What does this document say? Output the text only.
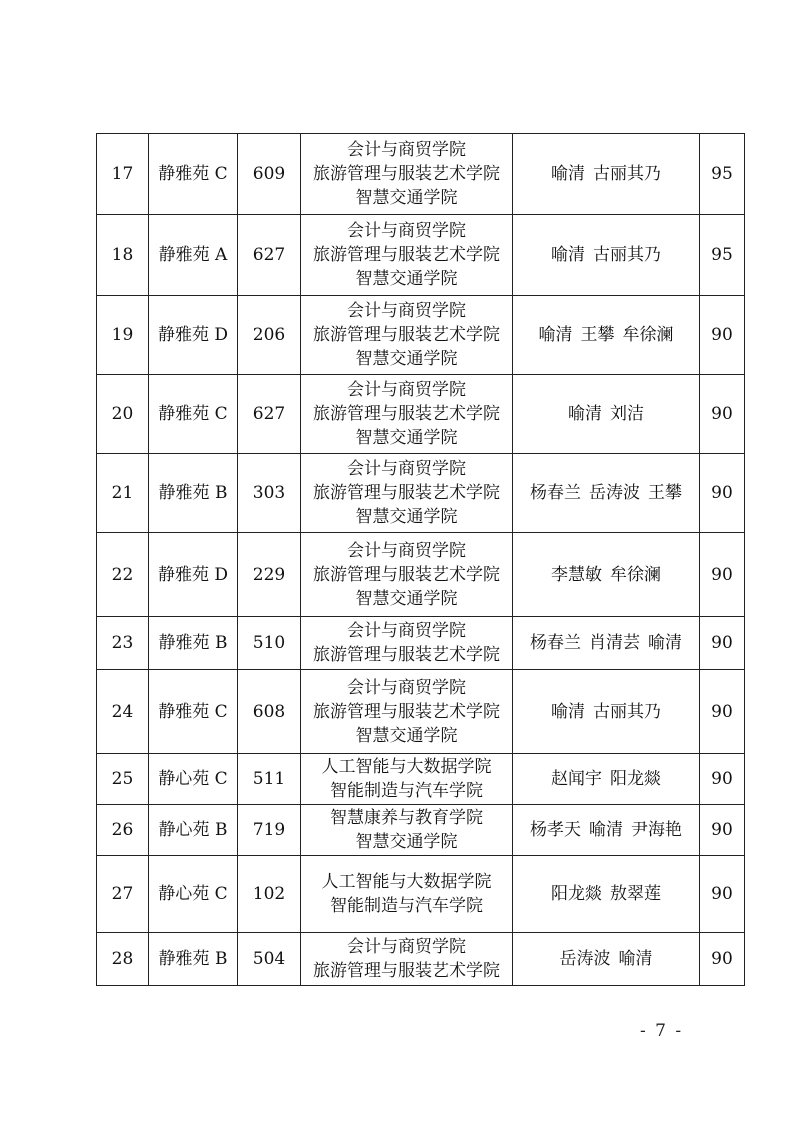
17	静雅苑 C	609	会计与商贸学院
旅游管理与服装艺术学院
智慧交通学院	喻清 古丽其乃	95
18	静雅苑 A	627	会计与商贸学院
旅游管理与服装艺术学院
智慧交通学院	喻清 古丽其乃	95
19	静雅苑 D	206	会计与商贸学院
旅游管理与服装艺术学院
智慧交通学院	喻清 王攀 牟徐澜	90
20	静雅苑 C	627	会计与商贸学院
旅游管理与服装艺术学院
智慧交通学院	喻清 刘洁	90
21	静雅苑 B	303	会计与商贸学院
旅游管理与服装艺术学院
智慧交通学院	杨春兰 岳涛波 王攀	90
22	静雅苑 D	229	会计与商贸学院
旅游管理与服装艺术学院
智慧交通学院	李慧敏 牟徐澜	90
23	静雅苑 B	510	会计与商贸学院
旅游管理与服装艺术学院	杨春兰 肖清芸 喻清	90
24	静雅苑 C	608	会计与商贸学院
旅游管理与服装艺术学院
智慧交通学院	喻清 古丽其乃	90
25	静心苑 C	511	人工智能与大数据学院
智能制造与汽车学院	赵闻宇 阳龙燚	90
26	静心苑 B	719	智慧康养与教育学院
智慧交通学院	杨孝天 喻清 尹海艳	90
27	静心苑 C	102	人工智能与大数据学院
智能制造与汽车学院	阳龙燚 敖翠莲	90
28	静雅苑 B	504	会计与商贸学院
旅游管理与服装艺术学院	岳涛波 喻清	90
- 7 -
